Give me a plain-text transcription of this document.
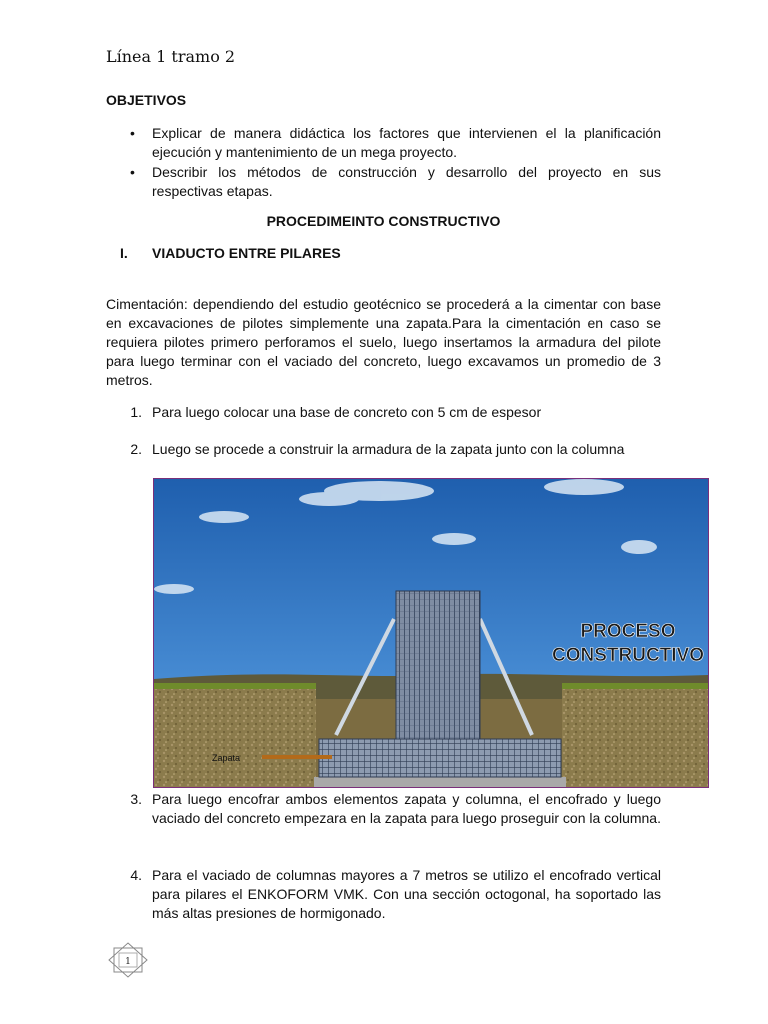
Línea 1 tramo 2
OBJETIVOS
• Explicar de manera didáctica los factores que intervienen el la planificación ejecución y mantenimiento de un mega proyecto.
• Describir los métodos de construcción y desarrollo del proyecto en sus respectivas etapas.
PROCEDIMEINTO CONSTRUCTIVO
I. VIADUCTO ENTRE PILARES
Cimentación: dependiendo del estudio geotécnico se procederá a la cimentar con base en excavaciones de pilotes simplemente una zapata.Para la cimentación en caso se requiera pilotes primero perforamos el suelo, luego insertamos la armadura del pilote para luego terminar con el vaciado del concreto, luego excavamos un promedio de 3 metros.
1. Para luego colocar una base de concreto con 5 cm de espesor
2. Luego se procede a construir la armadura de la zapata junto con la columna
Zapata
PROCESO
CONSTRUCTIVO
3. Para luego encofrar ambos elementos zapata y columna, el encofrado y luego vaciado del concreto empezara en la zapata para luego proseguir con la columna.
4. Para el vaciado de columnas mayores a 7 metros se utilizo el encofrado vertical para pilares el ENKOFORM VMK. Con una sección octogonal, ha soportado las más altas presiones de hormigonado.
1
